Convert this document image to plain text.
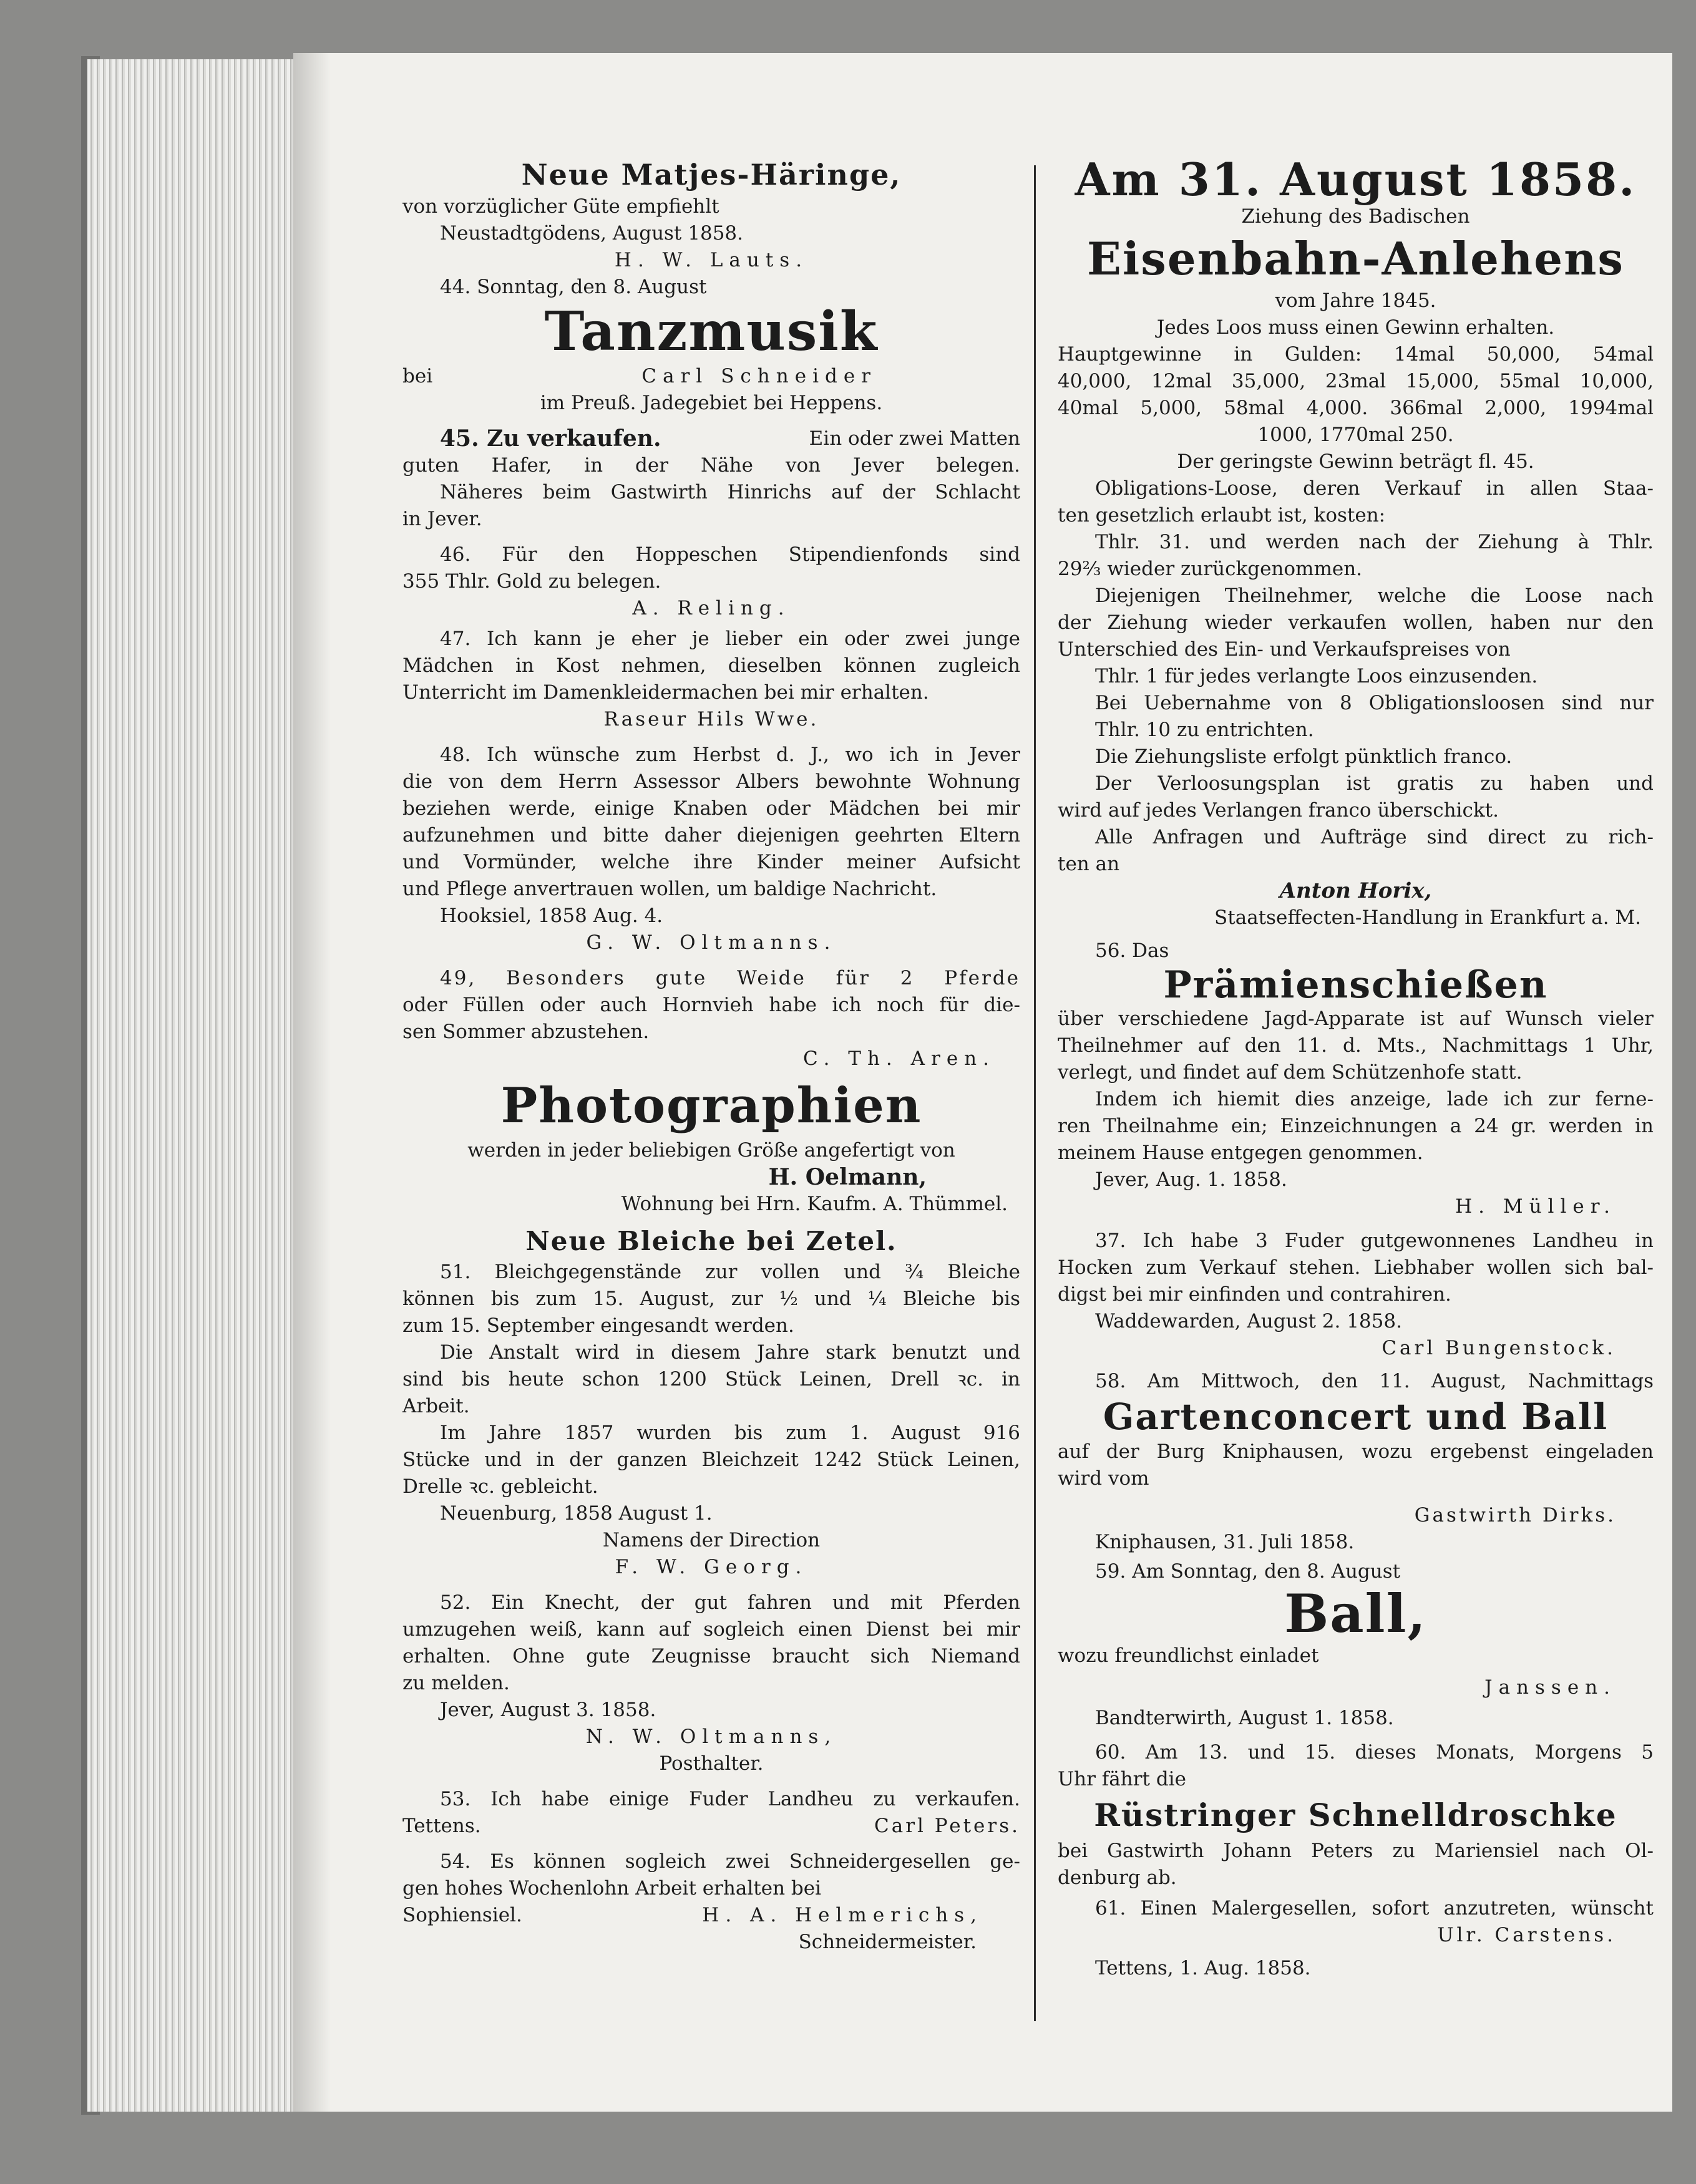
Neue Matjes-Häringe,

von vorzüglicher Güte empfiehlt

Neustadtgödens, August 1858.

H. W. Lauts.

44. Sonntag, den 8. August

Tanzmusik

bei	Carl Schneider

im Preuß. Jadegebiet bei Heppens.

45. Zu verkaufen.	Ein oder zwei Matten

guten Hafer, in der Nähe von Jever belegen.

Näheres beim Gastwirth Hinrichs auf der Schlacht

in Jever.

46. Für den Hoppeschen Stipendienfonds sind

355 Thlr. Gold zu belegen.

A. Reling.

47. Ich kann je eher je lieber ein oder zwei junge

Mädchen in Kost nehmen, dieselben können zugleich

Unterricht im Damenkleidermachen bei mir erhalten.

Raseur Hils Wwe.

48. Ich wünsche zum Herbst d. J., wo ich in Jever

die von dem Herrn Assessor Albers bewohnte Wohnung

beziehen werde, einige Knaben oder Mädchen bei mir

aufzunehmen und bitte daher diejenigen geehrten Eltern

und Vormünder, welche ihre Kinder meiner Aufsicht

und Pflege anvertrauen wollen, um baldige Nachricht.

Hooksiel, 1858 Aug. 4.

G. W. Oltmanns.

49, Besonders gute Weide für 2 Pferde

oder Füllen oder auch Hornvieh habe ich noch für die-

sen Sommer abzustehen.

C. Th. Aren.

Photographien

werden in jeder beliebigen Größe angefertigt von

H. Oelmann,

Wohnung bei Hrn. Kaufm. A. Thümmel.

Neue Bleiche bei Zetel.

51. Bleichgegenstände zur vollen und ¾ Bleiche

können bis zum 15. August, zur ½ und ¼ Bleiche bis

zum 15. September eingesandt werden.

Die Anstalt wird in diesem Jahre stark benutzt und

sind bis heute schon 1200 Stück Leinen, Drell ꝛc. in

Arbeit.

Im Jahre 1857 wurden bis zum 1. August 916

Stücke und in der ganzen Bleichzeit 1242 Stück Leinen,

Drelle ꝛc. gebleicht.

Neuenburg, 1858 August 1.

Namens der Direction

F. W. Georg.

52. Ein Knecht, der gut fahren und mit Pferden

umzugehen weiß, kann auf sogleich einen Dienst bei mir

erhalten. Ohne gute Zeugnisse braucht sich Niemand

zu melden.

Jever, August 3. 1858.

N. W. Oltmanns,

Posthalter.

53. Ich habe einige Fuder Landheu zu verkaufen.

Tettens.	Carl Peters.

54. Es können sogleich zwei Schneidergesellen ge-

gen hohes Wochenlohn Arbeit erhalten bei

Sophiensiel.	H. A. Helmerichs,

Schneidermeister.

Am 31. August 1858.

Ziehung des Badischen

Eisenbahn-Anlehens

vom Jahre 1845.

Jedes Loos muss einen Gewinn erhalten.

Hauptgewinne in Gulden: 14mal 50,000, 54mal

40,000, 12mal 35,000, 23mal 15,000, 55mal 10,000,

40mal 5,000, 58mal 4,000. 366mal 2,000, 1994mal

1000, 1770mal 250.

Der geringste Gewinn beträgt fl. 45.

Obligations-Loose, deren Verkauf in allen Staa-

ten gesetzlich erlaubt ist, kosten:

Thlr. 31. und werden nach der Ziehung à Thlr.

29⅔ wieder zurückgenommen.

Diejenigen Theilnehmer, welche die Loose nach

der Ziehung wieder verkaufen wollen, haben nur den

Unterschied des Ein- und Verkaufspreises von

Thlr. 1 für jedes verlangte Loos einzusenden.

Bei Uebernahme von 8 Obligationsloosen sind nur

Thlr. 10 zu entrichten.

Die Ziehungsliste erfolgt pünktlich franco.

Der Verloosungsplan ist gratis zu haben und

wird auf jedes Verlangen franco überschickt.

Alle Anfragen und Aufträge sind direct zu rich-

ten an

Anton Horix,

Staatseffecten-Handlung in Erankfurt a. M.

56. Das

Prämienschießen

über verschiedene Jagd-Apparate ist auf Wunsch vieler

Theilnehmer auf den 11. d. Mts., Nachmittags 1 Uhr,

verlegt, und findet auf dem Schützenhofe statt.

Indem ich hiemit dies anzeige, lade ich zur ferne-

ren Theilnahme ein; Einzeichnungen a 24 gr. werden in

meinem Hause entgegen genommen.

Jever, Aug. 1. 1858.

H. Müller.

37. Ich habe 3 Fuder gutgewonnenes Landheu in

Hocken zum Verkauf stehen. Liebhaber wollen sich bal-

digst bei mir einfinden und contrahiren.

Waddewarden, August 2. 1858.

Carl Bungenstock.

58. Am Mittwoch, den 11. August, Nachmittags

Gartenconcert und Ball

auf der Burg Kniphausen, wozu ergebenst eingeladen

wird vom

Gastwirth Dirks.

Kniphausen, 31. Juli 1858.

59. Am Sonntag, den 8. August

Ball,

wozu freundlichst einladet

Janssen.

Bandterwirth, August 1. 1858.

60. Am 13. und 15. dieses Monats, Morgens 5

Uhr fährt die

Rüstringer Schnelldroschke

bei Gastwirth Johann Peters zu Mariensiel nach Ol-

denburg ab.

61. Einen Malergesellen, sofort anzutreten, wünscht

Ulr. Carstens.

Tettens, 1. Aug. 1858.
